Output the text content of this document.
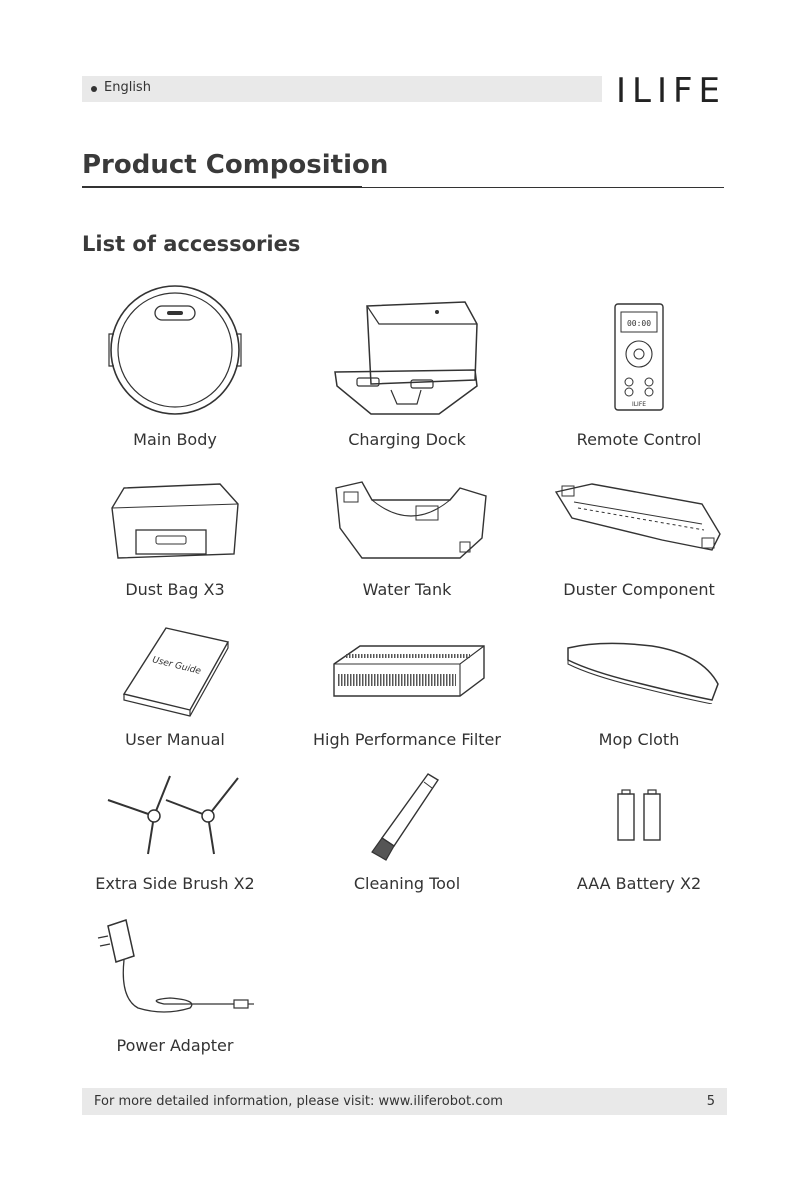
English	ILIFE
Product Composition
List of accessories
Main Body	Charging Dock
00:00
ILIFE
Remote Control
Dust Bag X3	Water Tank	Duster Component
User Guide
User Manual	High Performance Filter	Mop Cloth
Extra Side Brush X2	Cleaning Tool	AAA Battery X2
Power Adapter
For more detailed information, please visit: www.iliferobot.com	5
